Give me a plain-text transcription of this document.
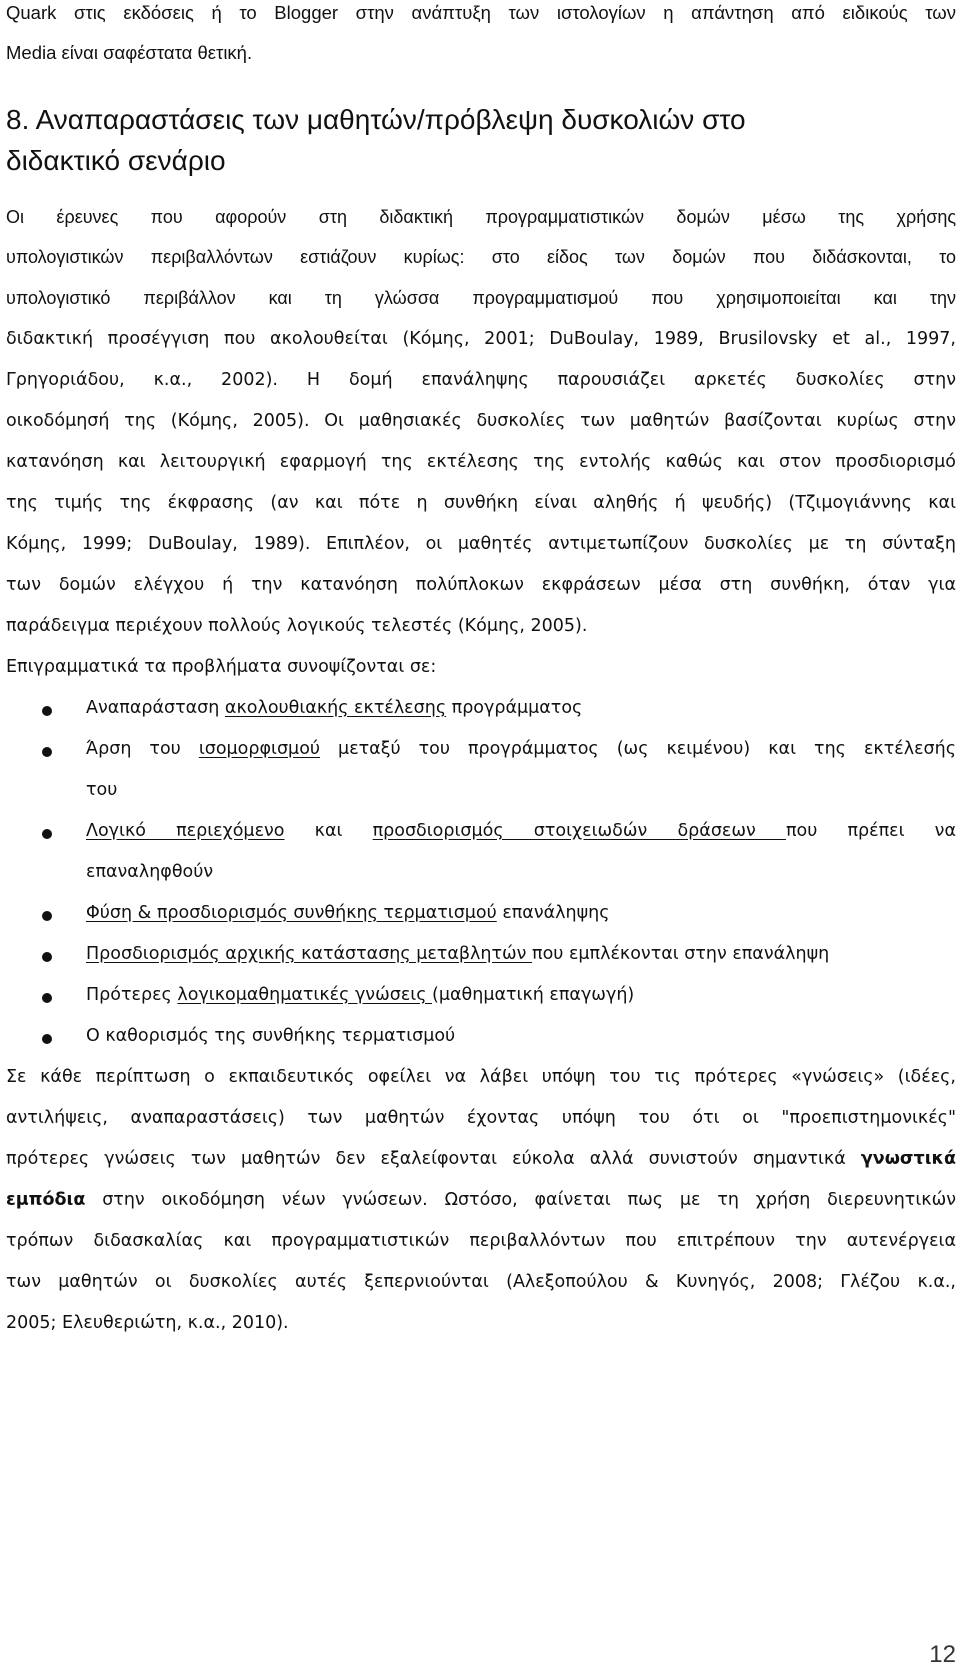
Quark στις εκδόσεις ή το Blogger στην ανάπτυξη των ιστολογίων η απάντηση από ειδικούς των
Media είναι σαφέστατα θετική.
8. Αναπαραστάσεις των μαθητών/πρόβλεψη δυσκολιών στο
διδακτικό σενάριο
Οι έρευνες που αφορούν στη διδακτική προγραμματιστικών δομών μέσω της χρήσης
υπολογιστικών περιβαλλόντων εστιάζουν κυρίως: στο είδος των δομών που διδάσκονται, το
υπολογιστικό περιβάλλον και τη γλώσσα προγραμματισμού που χρησιμοποιείται και την
διδακτική προσέγγιση που ακολουθείται (Κόμης, 2001; DuBoulay, 1989, Brusilovsky et al., 1997,
Γρηγοριάδου, κ.α., 2002). Η δομή επανάληψης παρουσιάζει αρκετές δυσκολίες στην
οικοδόμησή της (Κόμης, 2005). Οι μαθησιακές δυσκολίες των μαθητών βασίζονται κυρίως στην
κατανόηση και λειτουργική εφαρμογή της εκτέλεσης της εντολής καθώς και στον προσδιορισμό
της τιμής της έκφρασης (αν και πότε η συνθήκη είναι αληθής ή ψευδής) (Τζιμογιάννης και
Κόμης, 1999; DuBoulay, 1989). Επιπλέον, οι μαθητές αντιμετωπίζουν δυσκολίες με τη σύνταξη
των δομών ελέγχου ή την κατανόηση πολύπλοκων εκφράσεων μέσα στη συνθήκη, όταν για
παράδειγμα περιέχουν πολλούς λογικούς τελεστές (Κόμης, 2005).
Επιγραμματικά τα προβλήματα συνοψίζονται σε:
Αναπαράσταση ακολουθιακής εκτέλεσης προγράμματος
Άρση του ισομορφισμού μεταξύ του προγράμματος (ως κειμένου) και της εκτέλεσής
του
Λογικό περιεχόμενο και προσδιορισμός στοιχειωδών δράσεων που πρέπει να
επαναληφθούν
Φύση & προσδιορισμός συνθήκης τερματισμού επανάληψης
Προσδιορισμός αρχικής κατάστασης μεταβλητών που εμπλέκονται στην επανάληψη
Πρότερες λογικομαθηματικές γνώσεις (μαθηματική επαγωγή)
Ο καθορισμός της συνθήκης τερματισμού
Σε κάθε περίπτωση ο εκπαιδευτικός οφείλει να λάβει υπόψη του τις πρότερες «γνώσεις» (ιδέες,
αντιλήψεις, αναπαραστάσεις) των μαθητών έχοντας υπόψη του ότι οι "προεπιστημονικές"
πρότερες γνώσεις των μαθητών δεν εξαλείφονται εύκολα αλλά συνιστούν σημαντικά γνωστικά
εμπόδια στην οικοδόμηση νέων γνώσεων. Ωστόσο, φαίνεται πως με τη χρήση διερευνητικών
τρόπων διδασκαλίας και προγραμματιστικών περιβαλλόντων που επιτρέπουν την αυτενέργεια
των μαθητών οι δυσκολίες αυτές ξεπερνιούνται (Αλεξοπούλου & Κυνηγός, 2008; Γλέζου κ.α.,
2005; Ελευθεριώτη, κ.α., 2010).
12
